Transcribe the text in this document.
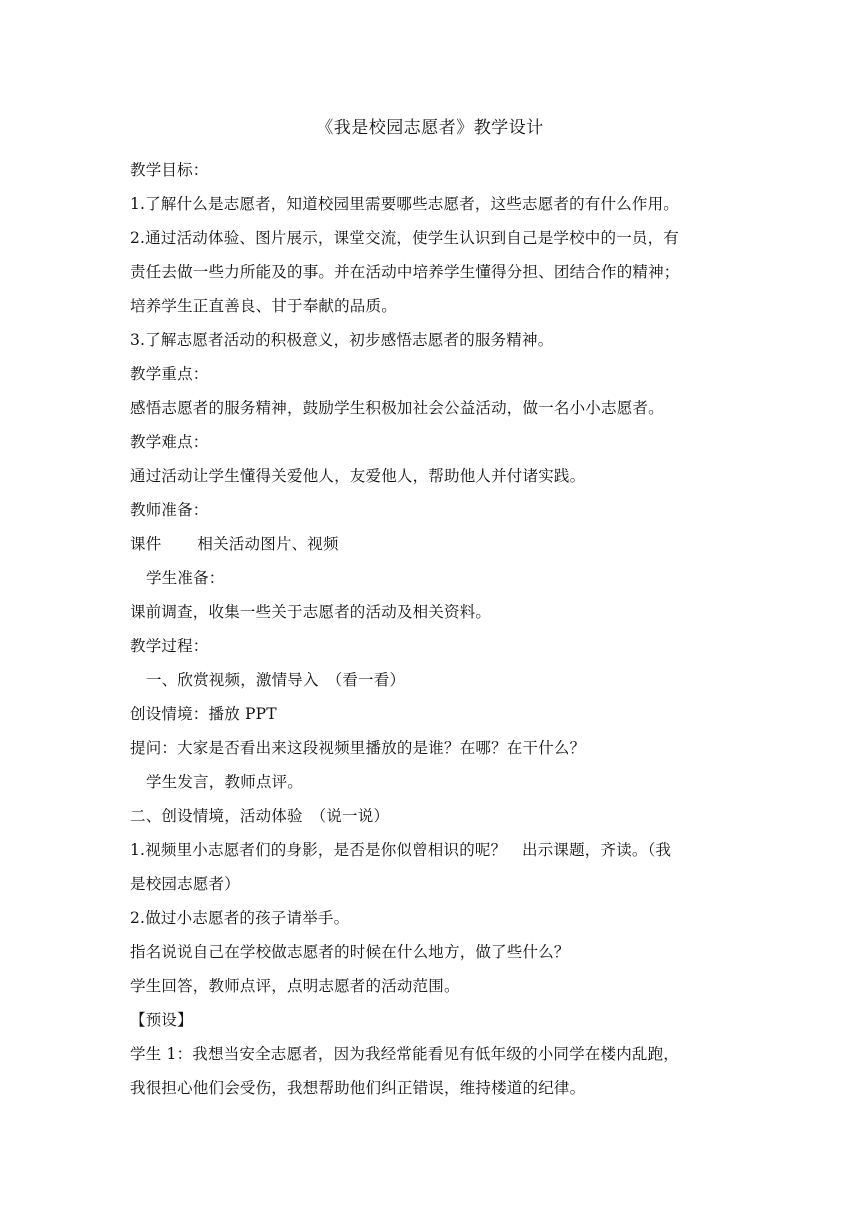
《我是校园志愿者》教学设计

教学目标：

1.了解什么是志愿者，知道校园里需要哪些志愿者，这些志愿者的有什么作用。

2.通过活动体验、图片展示，课堂交流，使学生认识到自己是学校中的一员，有

责任去做一些力所能及的事。并在活动中培养学生懂得分担、团结合作的精神；

培养学生正直善良、甘于奉献的品质。

3.了解志愿者活动的积极意义，初步感悟志愿者的服务精神。

教学重点：

感悟志愿者的服务精神，鼓励学生积极加社会公益活动，做一名小小志愿者。

教学难点：

通过活动让学生懂得关爱他人，友爱他人，帮助他人并付诸实践。

教师准备：

课件 相关活动图片、视频

学生准备：

课前调查，收集一些关于志愿者的活动及相关资料。

教学过程：

一、欣赏视频，激情导入　（看一看）

创设情境：播放 PPT

提问：大家是否看出来这段视频里播放的是谁？在哪？在干什么？

学生发言，教师点评。

二、创设情境，活动体验　（说一说）

1.视频里小志愿者们的身影，是否是你似曾相识的呢？　出示课题，齐读。（我

是校园志愿者）

2.做过小志愿者的孩子请举手。

指名说说自己在学校做志愿者的时候在什么地方，做了些什么？

学生回答，教师点评，点明志愿者的活动范围。

【预设】

学生 1：我想当安全志愿者，因为我经常能看见有低年级的小同学在楼内乱跑，

我很担心他们会受伤，我想帮助他们纠正错误，维持楼道的纪律。
